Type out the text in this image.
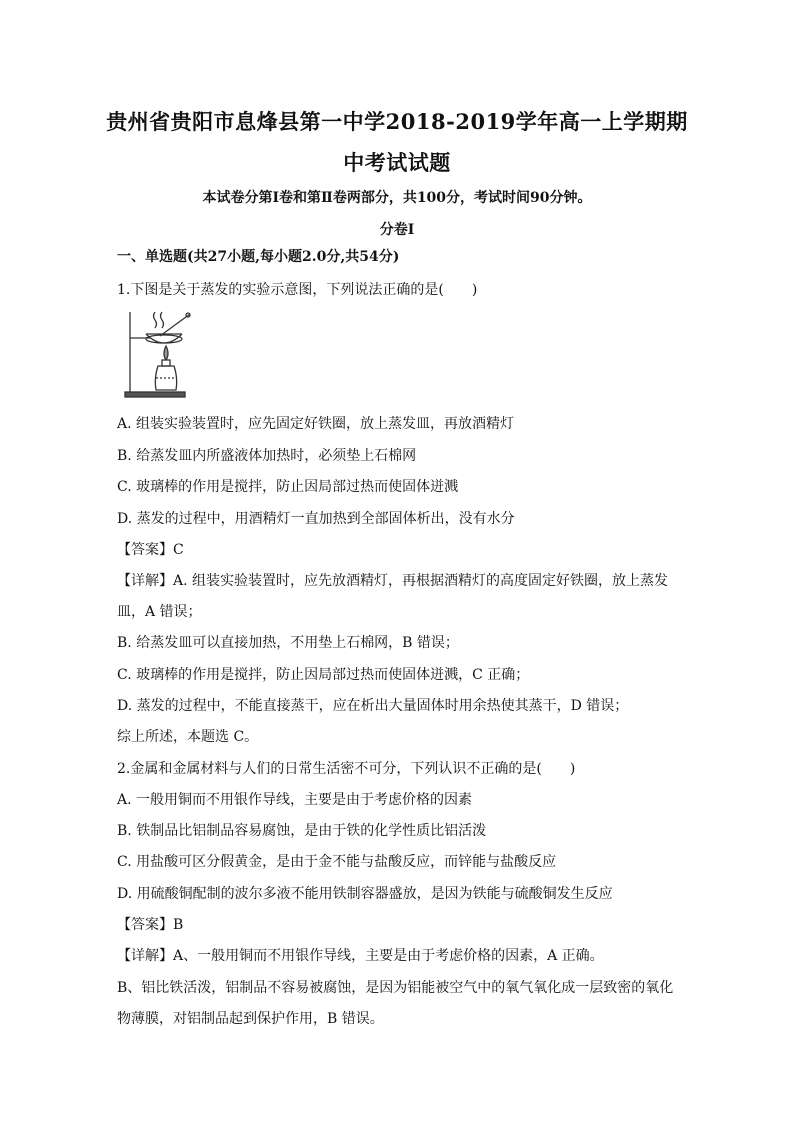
贵州省贵阳市息烽县第一中学2018-2019学年高一上学期期
中考试试题
本试卷分第Ⅰ卷和第Ⅱ卷两部分，共100分，考试时间90分钟。
分卷Ⅰ
一、单选题(共27小题,每小题2.0分,共54分)
1.下图是关于蒸发的实验示意图，下列说法正确的是(　　)
A. 组装实验装置时，应先固定好铁圈，放上蒸发皿，再放酒精灯
B. 给蒸发皿内所盛液体加热时，必须垫上石棉网
C. 玻璃棒的作用是搅拌，防止因局部过热而使固体迸溅
D. 蒸发的过程中，用酒精灯一直加热到全部固体析出，没有水分
【答案】C
【详解】A. 组装实验装置时，应先放酒精灯，再根据酒精灯的高度固定好铁圈，放上蒸发
皿，A 错误；
B. 给蒸发皿可以直接加热，不用垫上石棉网，B 错误；
C. 玻璃棒的作用是搅拌，防止因局部过热而使固体迸溅，C 正确；
D. 蒸发的过程中，不能直接蒸干，应在析出大量固体时用余热使其蒸干，D 错误；
综上所述，本题选 C。
2.金属和金属材料与人们的日常生活密不可分，下列认识不正确的是(　　)
A. 一般用铜而不用银作导线，主要是由于考虑价格的因素
B. 铁制品比铝制品容易腐蚀，是由于铁的化学性质比铝活泼
C. 用盐酸可区分假黄金，是由于金不能与盐酸反应，而锌能与盐酸反应
D. 用硫酸铜配制的波尔多液不能用铁制容器盛放，是因为铁能与硫酸铜发生反应
【答案】B
【详解】A、一般用铜而不用银作导线，主要是由于考虑价格的因素，A 正确。
B、铝比铁活泼，铝制品不容易被腐蚀，是因为铝能被空气中的氧气氧化成一层致密的氧化
物薄膜，对铝制品起到保护作用，B 错误。
